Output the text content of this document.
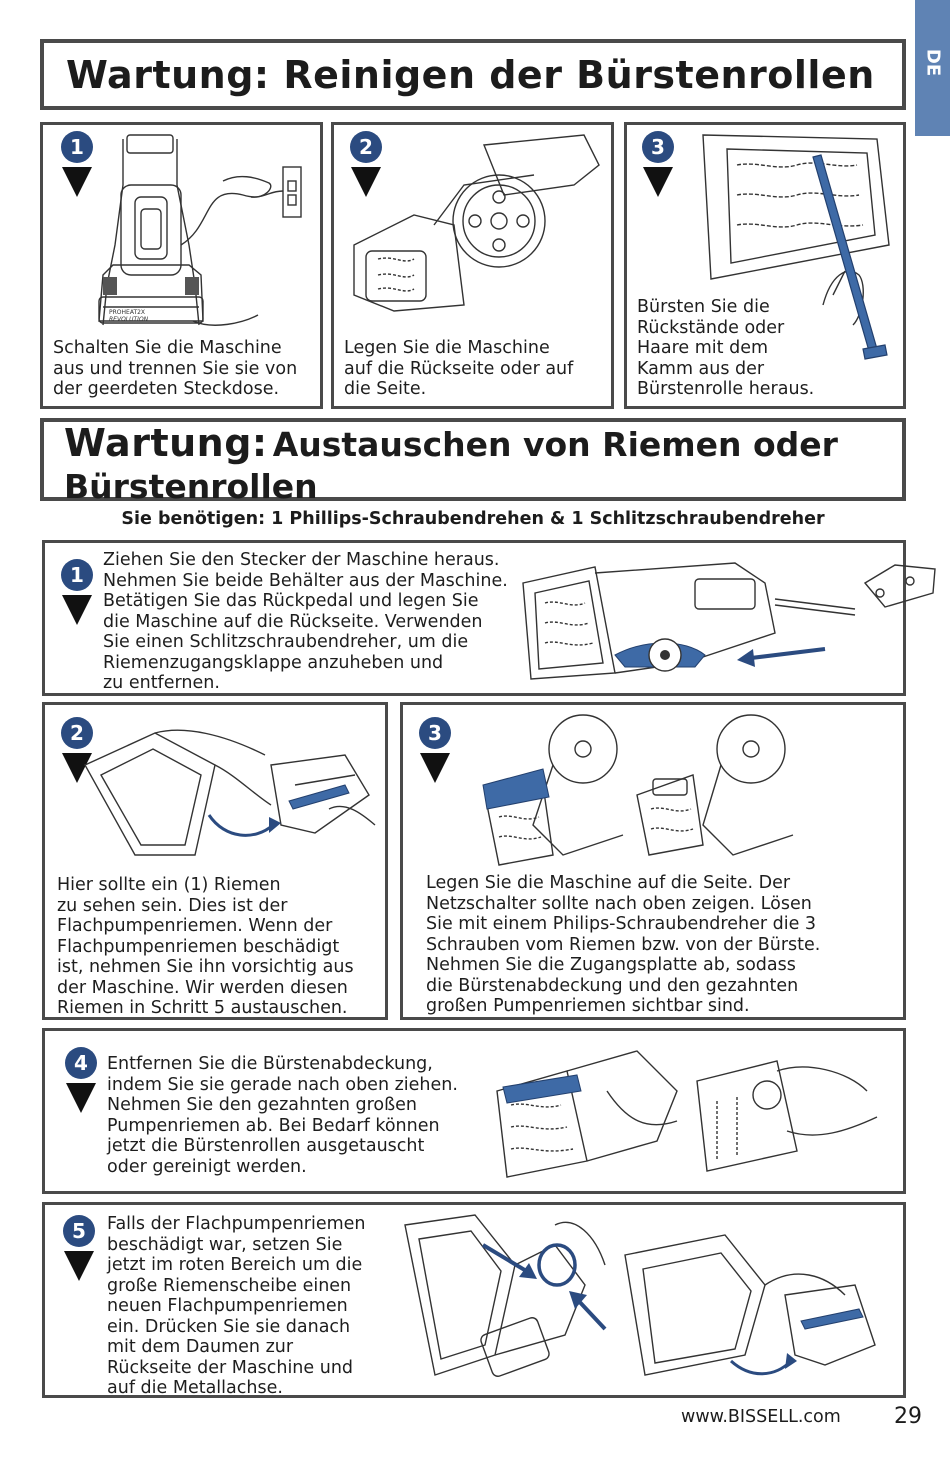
DE
Wartung: Reinigen der Bürstenrollen
1
PROHEAT2X
REVOLUTION
Schalten Sie die Maschine
aus und trennen Sie sie von
der geerdeten Steckdose.
2
Legen Sie die Maschine
auf die Rückseite oder auf
die Seite.
3
Bürsten Sie die
Rückstände oder
Haare mit dem
Kamm aus der
Bürstenrolle heraus.
Wartung: Austauschen von Riemen oder
Bürstenrollen
Sie benötigen: 1 Phillips-Schraubendrehen & 1 Schlitzschraubendreher
1
Ziehen Sie den Stecker der Maschine heraus.
Nehmen Sie beide Behälter aus der Maschine.
Betätigen Sie das Rückpedal und legen Sie
die Maschine auf die Rückseite. Verwenden
Sie einen Schlitzschraubendreher, um die
Riemenzugangsklappe anzuheben und
zu entfernen.
2
Hier sollte ein (1) Riemen
zu sehen sein. Dies ist der
Flachpumpenriemen. Wenn der
Flachpumpenriemen beschädigt
ist, nehmen Sie ihn vorsichtig aus
der Maschine. Wir werden diesen
Riemen in Schritt 5 austauschen.
3
Legen Sie die Maschine auf die Seite. Der
Netzschalter sollte nach oben zeigen. Lösen
Sie mit einem Philips-Schraubendreher die 3
Schrauben vom Riemen bzw. von der Bürste.
Nehmen Sie die Zugangsplatte ab, sodass
die Bürstenabdeckung und den gezahnten
großen Pumpenriemen sichtbar sind.
4	Entfernen Sie die Bürstenabdeckung,
indem Sie sie gerade nach oben ziehen.
Nehmen Sie den gezahnten großen
Pumpenriemen ab. Bei Bedarf können
jetzt die Bürstenrollen ausgetauscht
oder gereinigt werden.
5	Falls der Flachpumpenriemen
beschädigt war, setzen Sie
jetzt im roten Bereich um die
große Riemenscheibe einen
neuen Flachpumpenriemen
ein. Drücken Sie sie danach
mit dem Daumen zur
Rückseite der Maschine und
auf die Metallachse.
www.BISSELL.com 29
